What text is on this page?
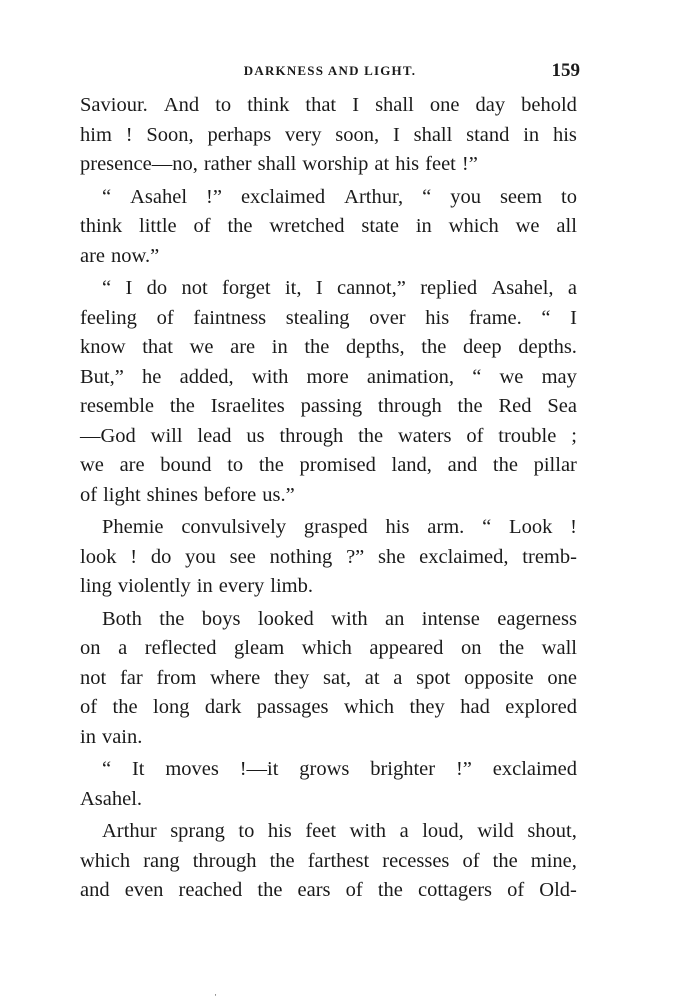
DARKNESS AND LIGHT.	159
Saviour. And to think that I shall one day behold
him ! Soon, perhaps very soon, I shall stand in his
presence—no, rather shall worship at his feet !”
“ Asahel !” exclaimed Arthur, “ you seem to
think little of the wretched state in which we all
are now.”
“ I do not forget it, I cannot,” replied Asahel, a
feeling of faintness stealing over his frame. “ I
know that we are in the depths, the deep depths.
But,” he added, with more animation, “ we may
resemble the Israelites passing through the Red Sea
—God will lead us through the waters of trouble ;
we are bound to the promised land, and the pillar
of light shines before us.”
Phemie convulsively grasped his arm. “ Look !
look ! do you see nothing ?” she exclaimed, tremb-
ling violently in every limb.
Both the boys looked with an intense eagerness
on a reflected gleam which appeared on the wall
not far from where they sat, at a spot opposite one
of the long dark passages which they had explored
in vain.
“ It moves !—it grows brighter !” exclaimed
Asahel.
Arthur sprang to his feet with a loud, wild shout,
which rang through the farthest recesses of the mine,
and even reached the ears of the cottagers of Old-
·
